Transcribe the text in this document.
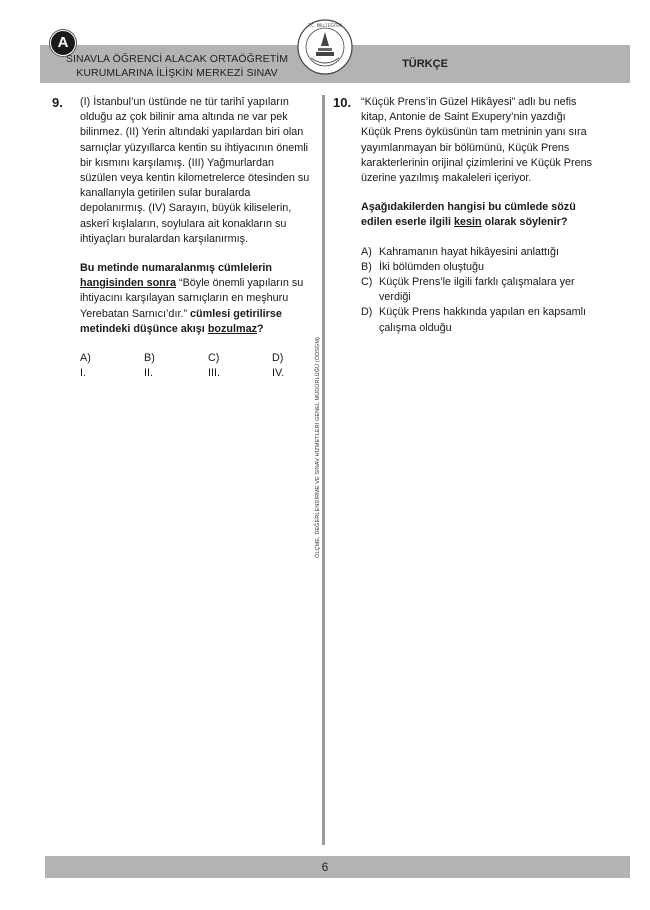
A
SINAVLA ÖĞRENCİ ALACAK ORTAÖĞRETİM
KURUMLARINA İLİŞKİN MERKEZİ SINAV
TÜRKÇE
T.C. MİLLÎ EĞİTİM
ÖLÇME, DEĞERLENDİRME VE SINAV HİZMETLERİ GENEL MÜDÜRLÜĞÜ (ÖDSGM)
9. (I) İstanbul’un üstünde ne tür tarihî yapıların olduğu az çok bilinir ama altında ne var pek bilinmez. (II) Yerin altındaki yapılardan biri olan sarnıçlar yüzyıllarca kentin su ihtiyacının önemli bir kısmını karşılamış. (III) Yağmurlardan süzülen veya kentin kilometrelerce ötesinden su kanallarıyla getirilen sular buralarda depolanırmış. (IV) Sarayın, büyük kiliselerin, askerî kışlaların, soylulara ait konakların su ihtiyaçları buralardan karşılanırmış.

Bu metinde numaralanmış cümlelerin hangisinden sonra “Böyle önemli yapıların su ihtiyacını karşılayan sarnıçların en meşhuru Yerebatan Sarnıcı’dır.” cümlesi getirilirse metindeki düşünce akışı bozulmaz?

A) I.
B) II.
C) III.
D) IV.
10. “Küçük Prens’in Güzel Hikâyesi” adlı bu nefis kitap, Antonie de Saint Exupery’nin yazdığı Küçük Prens öyküsünün tam metninin yanı sıra yayımlanmayan bir bölümünü, Küçük Prens karakterlerinin orijinal çizimlerini ve Küçük Prens üzerine yazılmış makaleleri içeriyor.

Aşağıdakilerden hangisi bu cümlede sözü edilen eserle ilgili kesin olarak söylenir?

A) Kahramanın hayat hikâyesini anlattığı
B) İki bölümden oluştuğu
C) Küçük Prens’le ilgili farklı çalışmalara yer verdiği
D) Küçük Prens hakkında yapılan en kapsamlı çalışma olduğu
6
